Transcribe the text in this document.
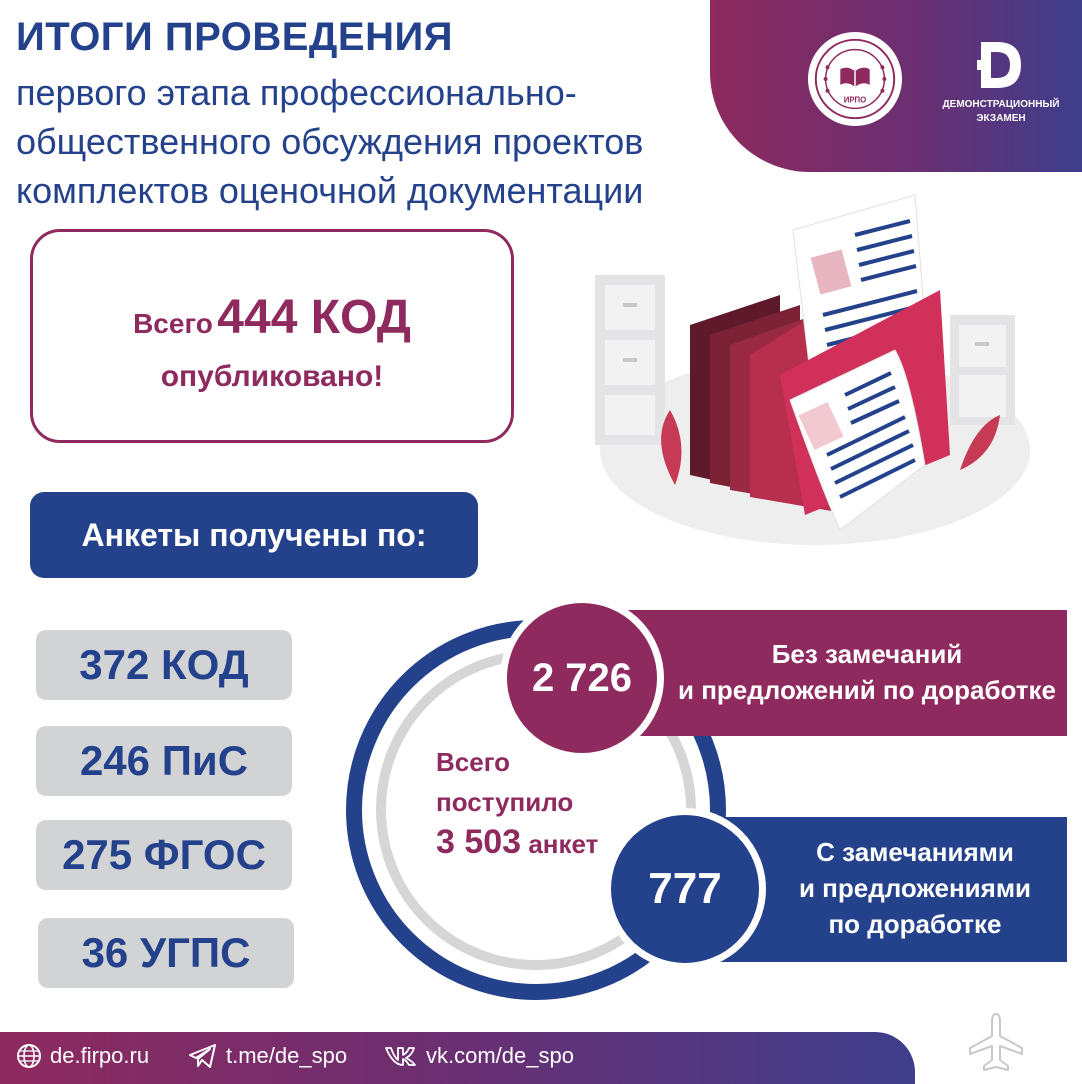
ИТОГИ ПРОВЕДЕНИЯ
первого этапа профессионально-общественного обсуждения проектов комплектов оценочной документации
ИРПО	ДЕМОНСТРАЦИОННЫЙ ЭКЗАМЕН
Всего 444 КОД
опубликовано!
Анкеты получены по:
372 КОД
246 ПиС
275 ФГОС
36 УГПС
Всего
поступило
3 503 анкет
Без замечаний
и предложений по доработке
2 726
С замечаниями
и предложениями
по доработке
777
de.firpo.ru	t.me/de_spo	vk.com/de_spo
